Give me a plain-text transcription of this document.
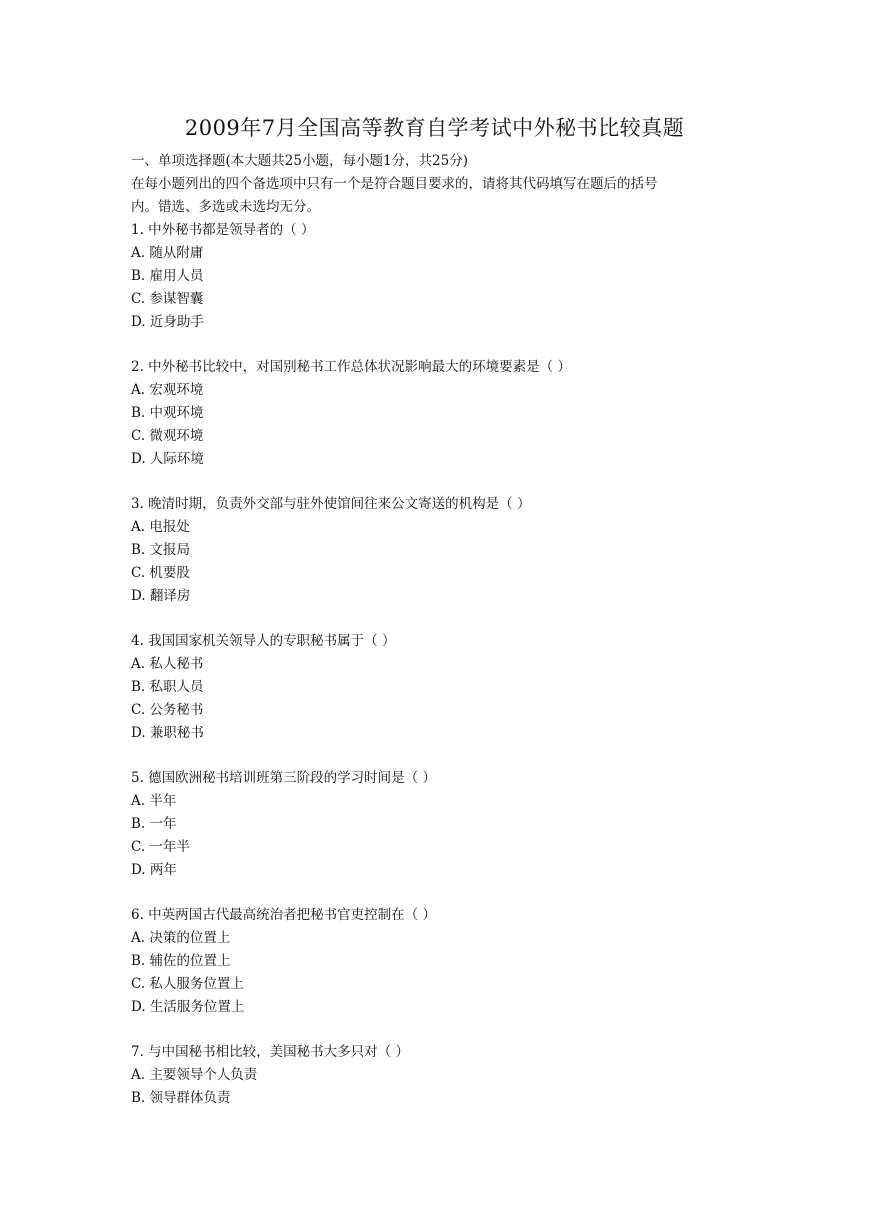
2009年7月全国高等教育自学考试中外秘书比较真题
一、单项选择题(本大题共25小题，每小题1分，共25分)
在每小题列出的四个备选项中只有一个是符合题目要求的，请将其代码填写在题后的括号
内。错选、多选或未选均无分。
1. 中外秘书都是领导者的（ ）
A. 随从附庸
B. 雇用人员
C. 参谋智囊
D. 近身助手
2. 中外秘书比较中，对国别秘书工作总体状况影响最大的环境要素是（ ）
A. 宏观环境
B. 中观环境
C. 微观环境
D. 人际环境
3. 晚清时期，负责外交部与驻外使馆间往来公文寄送的机构是（ ）
A. 电报处
B. 文报局
C. 机要股
D. 翻译房
4. 我国国家机关领导人的专职秘书属于（ ）
A. 私人秘书
B. 私职人员
C. 公务秘书
D. 兼职秘书
5. 德国欧洲秘书培训班第三阶段的学习时间是（ ）
A. 半年
B. 一年
C. 一年半
D. 两年
6. 中英两国古代最高统治者把秘书官吏控制在（ ）
A. 决策的位置上
B. 辅佐的位置上
C. 私人服务位置上
D. 生活服务位置上
7. 与中国秘书相比较，美国秘书大多只对（ ）
A. 主要领导个人负责
B. 领导群体负责
